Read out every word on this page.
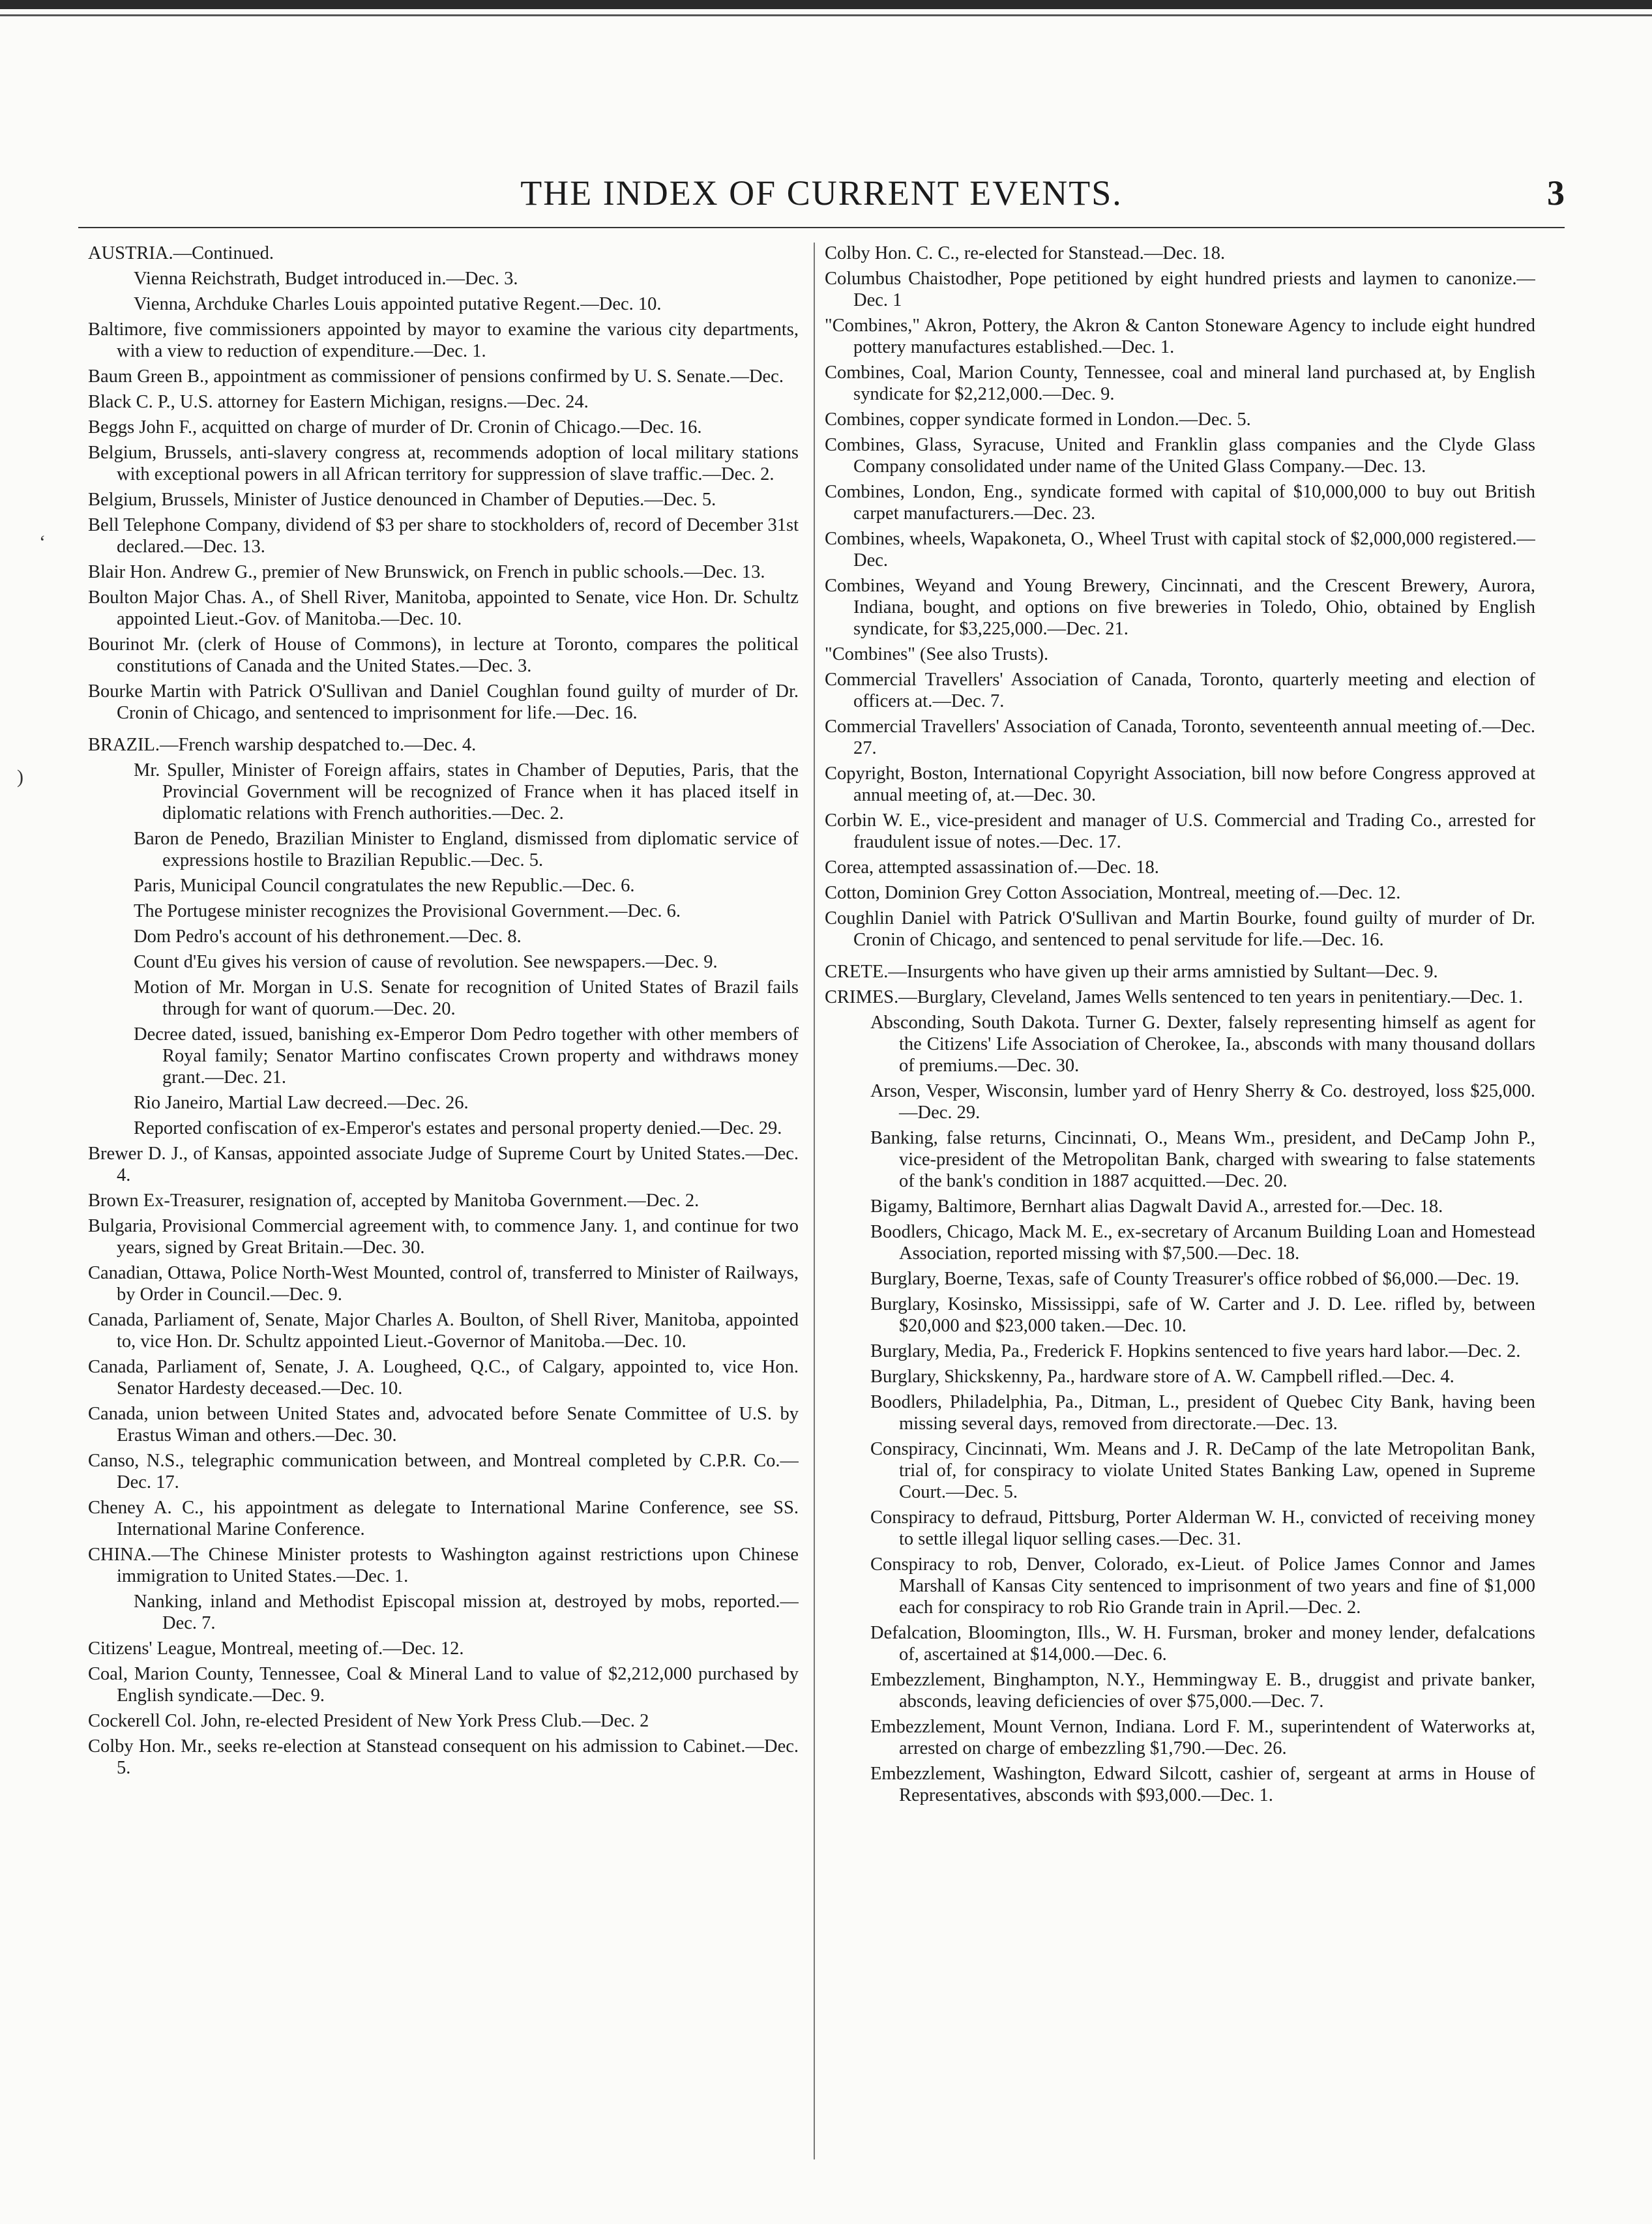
THE INDEX OF CURRENT EVENTS.	3
‘
)

AUSTRIA.—Continued.

Vienna Reichstrath, Budget introduced in.—Dec. 3.

Vienna, Archduke Charles Louis appointed putative Regent.—Dec. 10.

Baltimore, five commissioners appointed by mayor to examine the various city departments, with a view to reduction of expenditure.—Dec. 1.

Baum Green B., appointment as commissioner of pensions confirmed by U. S. Senate.—Dec.

Black C. P., U.S. attorney for Eastern Michigan, resigns.—Dec. 24.

Beggs John F., acquitted on charge of murder of Dr. Cronin of Chicago.—Dec. 16.

Belgium, Brussels, anti-slavery congress at, recommends adoption of local military stations with exceptional powers in all African territory for suppression of slave traffic.—Dec. 2.

Belgium, Brussels, Minister of Justice denounced in Chamber of Deputies.—Dec. 5.

Bell Telephone Company, dividend of $3 per share to stockholders of, record of December 31st declared.—Dec. 13.

Blair Hon. Andrew G., premier of New Brunswick, on French in public schools.—Dec. 13.

Boulton Major Chas. A., of Shell River, Manitoba, appointed to Senate, vice Hon. Dr. Schultz appointed Lieut.-Gov. of Manitoba.—Dec. 10.

Bourinot Mr. (clerk of House of Commons), in lecture at Toronto, compares the political constitutions of Canada and the United States.—Dec. 3.

Bourke Martin with Patrick O'Sullivan and Daniel Coughlan found guilty of murder of Dr. Cronin of Chicago, and sentenced to imprisonment for life.—Dec. 16.

BRAZIL.—French warship despatched to.—Dec. 4.

Mr. Spuller, Minister of Foreign affairs, states in Chamber of Deputies, Paris, that the Provincial Government will be recognized of France when it has placed itself in diplomatic relations with French authorities.—Dec. 2.

Baron de Penedo, Brazilian Minister to England, dismissed from diplomatic service of expressions hostile to Brazilian Republic.—Dec. 5.

Paris, Municipal Council congratulates the new Republic.—Dec. 6.

The Portugese minister recognizes the Provisional Government.—Dec. 6.

Dom Pedro's account of his dethronement.—Dec. 8.

Count d'Eu gives his version of cause of revolution. See newspapers.—Dec. 9.

Motion of Mr. Morgan in U.S. Senate for recognition of United States of Brazil fails through for want of quorum.—Dec. 20.

Decree dated, issued, banishing ex-Emperor Dom Pedro together with other members of Royal family; Senator Martino confiscates Crown property and withdraws money grant.—Dec. 21.

Rio Janeiro, Martial Law decreed.—Dec. 26.

Reported confiscation of ex-Emperor's estates and personal property denied.—Dec. 29.

Brewer D. J., of Kansas, appointed associate Judge of Supreme Court by United States.—Dec. 4.

Brown Ex-Treasurer, resignation of, accepted by Manitoba Government.—Dec. 2.

Bulgaria, Provisional Commercial agreement with, to commence Jany. 1, and continue for two years, signed by Great Britain.—Dec. 30.

Canadian, Ottawa, Police North-West Mounted, control of, transferred to Minister of Railways, by Order in Council.—Dec. 9.

Canada, Parliament of, Senate, Major Charles A. Boulton, of Shell River, Manitoba, appointed to, vice Hon. Dr. Schultz appointed Lieut.-Governor of Manitoba.—Dec. 10.

Canada, Parliament of, Senate, J. A. Lougheed, Q.C., of Calgary, appointed to, vice Hon. Senator Hardesty deceased.—Dec. 10.

Canada, union between United States and, advocated before Senate Committee of U.S. by Erastus Wiman and others.—Dec. 30.

Canso, N.S., telegraphic communication between, and Montreal completed by C.P.R. Co.—Dec. 17.

Cheney A. C., his appointment as delegate to International Marine Conference, see SS. International Marine Conference.

CHINA.—The Chinese Minister protests to Washington against restrictions upon Chinese immigration to United States.—Dec. 1.

Nanking, inland and Methodist Episcopal mission at, destroyed by mobs, reported.—Dec. 7.

Citizens' League, Montreal, meeting of.—Dec. 12.

Coal, Marion County, Tennessee, Coal & Mineral Land to value of $2,212,000 purchased by English syndicate.—Dec. 9.

Cockerell Col. John, re-elected President of New York Press Club.—Dec. 2

Colby Hon. Mr., seeks re-election at Stanstead consequent on his admission to Cabinet.—Dec. 5.

Colby Hon. C. C., re-elected for Stanstead.—Dec. 18.

Columbus Chaistodher, Pope petitioned by eight hundred priests and laymen to canonize.—Dec. 1

"Combines," Akron, Pottery, the Akron & Canton Stoneware Agency to include eight hundred pottery manufactures established.—Dec. 1.

Combines, Coal, Marion County, Tennessee, coal and mineral land purchased at, by English syndicate for $2,212,000.—Dec. 9.

Combines, copper syndicate formed in London.—Dec. 5.

Combines, Glass, Syracuse, United and Franklin glass companies and the Clyde Glass Company consolidated under name of the United Glass Company.—Dec. 13.

Combines, London, Eng., syndicate formed with capital of $10,000,000 to buy out British carpet manufacturers.—Dec. 23.

Combines, wheels, Wapakoneta, O., Wheel Trust with capital stock of $2,000,000 registered.—Dec.

Combines, Weyand and Young Brewery, Cincinnati, and the Crescent Brewery, Aurora, Indiana, bought, and options on five breweries in Toledo, Ohio, obtained by English syndicate, for $3,225,000.—Dec. 21.

"Combines" (See also Trusts).

Commercial Travellers' Association of Canada, Toronto, quarterly meeting and election of officers at.—Dec. 7.

Commercial Travellers' Association of Canada, Toronto, seventeenth annual meeting of.—Dec. 27.

Copyright, Boston, International Copyright Association, bill now before Congress approved at annual meeting of, at.—Dec. 30.

Corbin W. E., vice-president and manager of U.S. Commercial and Trading Co., arrested for fraudulent issue of notes.—Dec. 17.

Corea, attempted assassination of.—Dec. 18.

Cotton, Dominion Grey Cotton Association, Montreal, meeting of.—Dec. 12.

Coughlin Daniel with Patrick O'Sullivan and Martin Bourke, found guilty of murder of Dr. Cronin of Chicago, and sentenced to penal servitude for life.—Dec. 16.

CRETE.—Insurgents who have given up their arms amnistied by Sultant—Dec. 9.

CRIMES.—Burglary, Cleveland, James Wells sentenced to ten years in penitentiary.—Dec. 1.

Absconding, South Dakota. Turner G. Dexter, falsely representing himself as agent for the Citizens' Life Association of Cherokee, Ia., absconds with many thousand dollars of premiums.—Dec. 30.

Arson, Vesper, Wisconsin, lumber yard of Henry Sherry & Co. destroyed, loss $25,000.—Dec. 29.

Banking, false returns, Cincinnati, O., Means Wm., president, and DeCamp John P., vice-president of the Metropolitan Bank, charged with swearing to false statements of the bank's condition in 1887 acquitted.—Dec. 20.

Bigamy, Baltimore, Bernhart alias Dagwalt David A., arrested for.—Dec. 18.

Boodlers, Chicago, Mack M. E., ex-secretary of Arcanum Building Loan and Homestead Association, reported missing with $7,500.—Dec. 18.

Burglary, Boerne, Texas, safe of County Treasurer's office robbed of $6,000.—Dec. 19.

Burglary, Kosinsko, Mississippi, safe of W. Carter and J. D. Lee. rifled by, between $20,000 and $23,000 taken.—Dec. 10.

Burglary, Media, Pa., Frederick F. Hopkins sentenced to five years hard labor.—Dec. 2.

Burglary, Shickskenny, Pa., hardware store of A. W. Campbell rifled.—Dec. 4.

Boodlers, Philadelphia, Pa., Ditman, L., president of Quebec City Bank, having been missing several days, removed from directorate.—Dec. 13.

Conspiracy, Cincinnati, Wm. Means and J. R. DeCamp of the late Metropolitan Bank, trial of, for conspiracy to violate United States Banking Law, opened in Supreme Court.—Dec. 5.

Conspiracy to defraud, Pittsburg, Porter Alderman W. H., convicted of receiving money to settle illegal liquor selling cases.—Dec. 31.

Conspiracy to rob, Denver, Colorado, ex-Lieut. of Police James Connor and James Marshall of Kansas City sentenced to imprisonment of two years and fine of $1,000 each for conspiracy to rob Rio Grande train in April.—Dec. 2.

Defalcation, Bloomington, Ills., W. H. Fursman, broker and money lender, defalcations of, ascertained at $14,000.—Dec. 6.

Embezzlement, Binghampton, N.Y., Hemmingway E. B., druggist and private banker, absconds, leaving deficiencies of over $75,000.—Dec. 7.

Embezzlement, Mount Vernon, Indiana. Lord F. M., superintendent of Waterworks at, arrested on charge of embezzling $1,790.—Dec. 26.

Embezzlement, Washington, Edward Silcott, cashier of, sergeant at arms in House of Representatives, absconds with $93,000.—Dec. 1.
